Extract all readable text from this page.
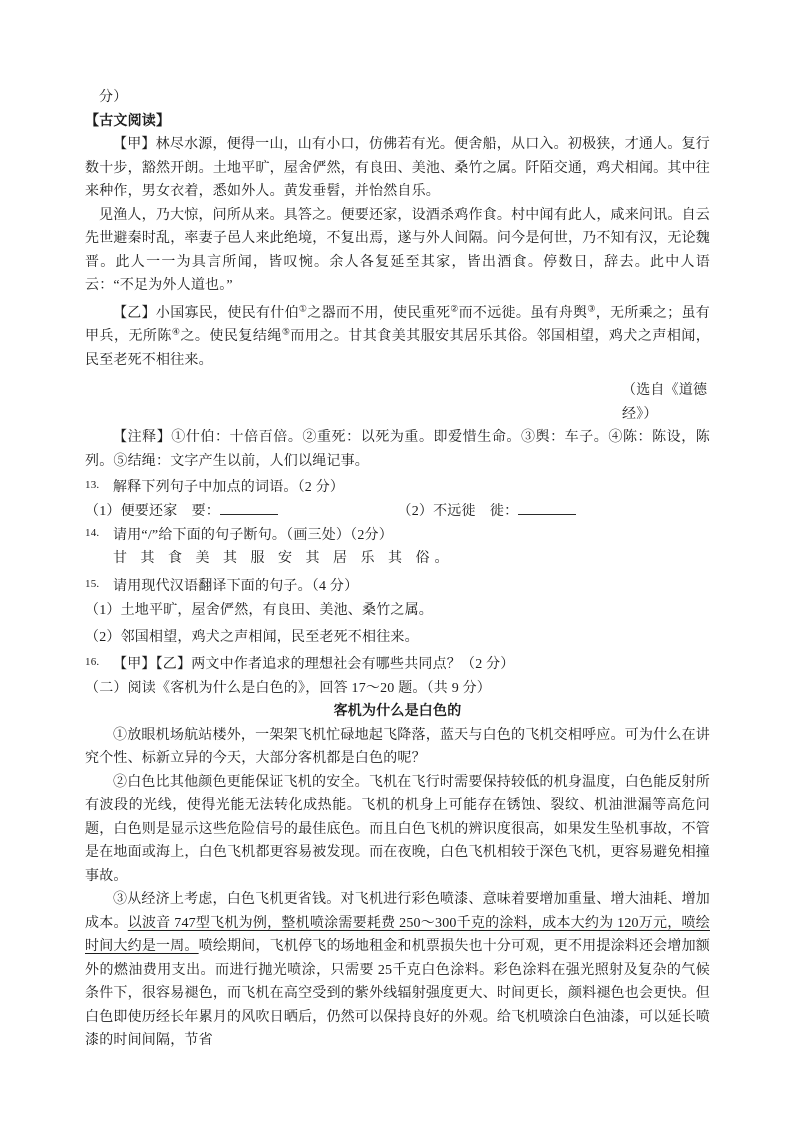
分）

【古文阅读】

【甲】林尽水源，便得一山，山有小口，仿佛若有光。便舍船，从口入。初极狭，才通人。复行数十步，豁然开朗。土地平旷，屋舍俨然，有良田、美池、桑竹之属。阡陌交通，鸡犬相闻。其中往来种作，男女衣着，悉如外人。黄发垂髫，并怡然自乐。

见渔人，乃大惊，问所从来。具答之。便要还家，设酒杀鸡作食。村中闻有此人，咸来问讯。自云先世避秦时乱，率妻子邑人来此绝境，不复出焉，遂与外人间隔。问今是何世，乃不知有汉，无论魏晋。此人一一为具言所闻，皆叹惋。余人各复延至其家，皆出酒食。停数日，辞去。此中人语云：“不足为外人道也。”

【乙】小国寡民，使民有什伯①之器而不用，使民重死②而不远徙。虽有舟舆③，无所乘之；虽有甲兵，无所陈④之。使民复结绳⑤而用之。甘其食美其服安其居乐其俗。邻国相望，鸡犬之声相闻，民至老死不相往来。

（选自《道德经》）

【注释】①什伯：十倍百倍。②重死：以死为重。即爱惜生命。③舆：车子。④陈：陈设，陈列。⑤结绳：文字产生以前，人们以绳记事。

13. 解释下列句子中加点的词语。（2 分）
（1）便要还家　要：	（2）不远徙　徙：
14. 请用“/”给下面的句子断句。（画三处）（2分）

甘 其 食 美 其 服 安 其 居 乐 其 俗。

15. 请用现代汉语翻译下面的句子。（4 分）

（1）土地平旷，屋舍俨然，有良田、美池、桑竹之属。

（2）邻国相望，鸡犬之声相闻，民至老死不相往来。

16. 【甲】【乙】两文中作者追求的理想社会有哪些共同点？（2 分）

（二）阅读《客机为什么是白色的》，回答 17～20 题。（共 9 分）

客机为什么是白色的

①放眼机场航站楼外，一架架飞机忙碌地起飞降落，蓝天与白色的飞机交相呼应。可为什么在讲究个性、标新立异的今天，大部分客机都是白色的呢？

②白色比其他颜色更能保证飞机的安全。飞机在飞行时需要保持较低的机身温度，白色能反射所有波段的光线，使得光能无法转化成热能。飞机的机身上可能存在锈蚀、裂纹、机油泄漏等高危问题，白色则是显示这些危险信号的最佳底色。而且白色飞机的辨识度很高，如果发生坠机事故，不管是在地面或海上，白色飞机都更容易被发现。而在夜晚，白色飞机相较于深色飞机，更容易避免相撞事故。

③从经济上考虑，白色飞机更省钱。对飞机进行彩色喷漆、意味着要增加重量、增大油耗、增加成本。以波音 747型飞机为例，整机喷涂需要耗费 250～300千克的涂料，成本大约为 120万元，喷绘时间大约是一周。喷绘期间，飞机停飞的场地租金和机票损失也十分可观，更不用提涂料还会增加额外的燃油费用支出。而进行抛光喷涂，只需要 25千克白色涂料。彩色涂料在强光照射及复杂的气候条件下，很容易褪色，而飞机在高空受到的紫外线辐射强度更大、时间更长，颜料褪色也会更快。但白色即使历经长年累月的风吹日晒后，仍然可以保持良好的外观。给飞机喷涂白色油漆，可以延长喷漆的时间间隔，节省
